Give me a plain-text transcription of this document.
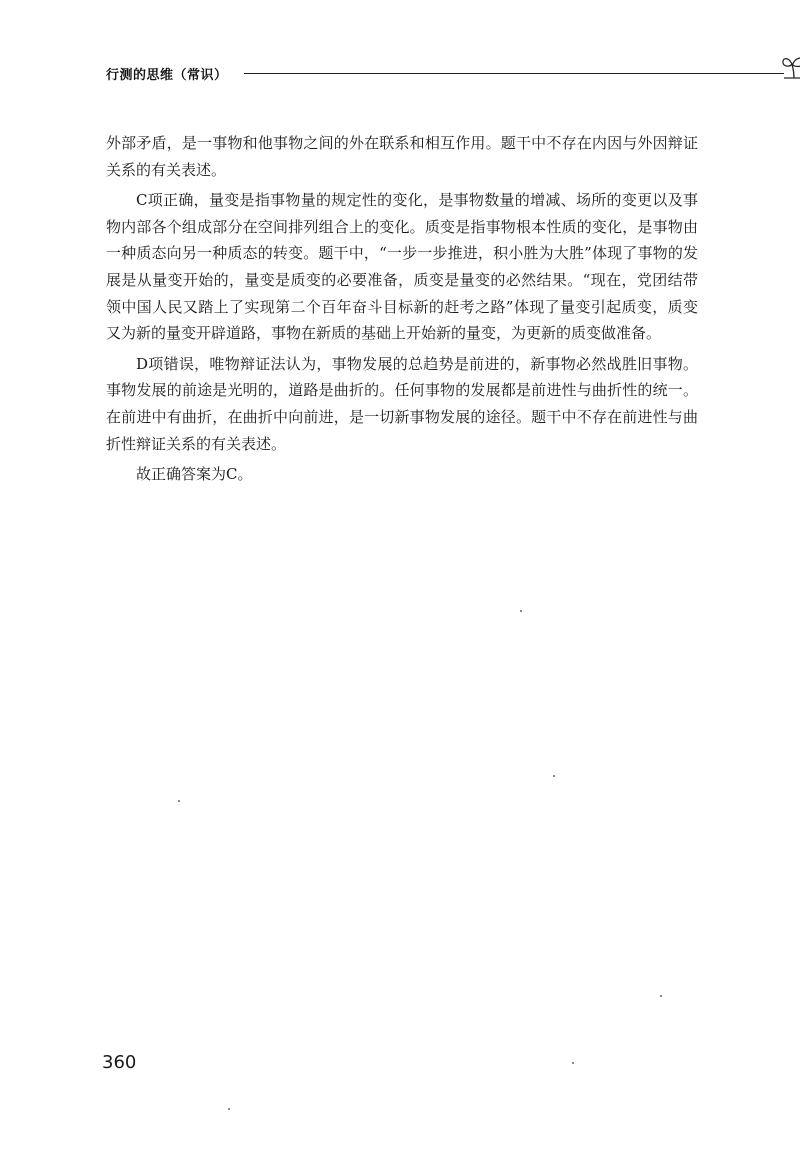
行测的思维（常识）

外部矛盾，是一事物和他事物之间的外在联系和相互作用。题干中不存在内因与外因辩证关系的有关表述。

C项正确，量变是指事物量的规定性的变化，是事物数量的增减、场所的变更以及事物内部各个组成部分在空间排列组合上的变化。质变是指事物根本性质的变化，是事物由一种质态向另一种质态的转变。题干中，“一步一步推进，积小胜为大胜”体现了事物的发展是从量变开始的，量变是质变的必要准备，质变是量变的必然结果。“现在，党团结带领中国人民又踏上了实现第二个百年奋斗目标新的赶考之路”体现了量变引起质变，质变又为新的量变开辟道路，事物在新质的基础上开始新的量变，为更新的质变做准备。

D项错误，唯物辩证法认为，事物发展的总趋势是前进的，新事物必然战胜旧事物。事物发展的前途是光明的，道路是曲折的。任何事物的发展都是前进性与曲折性的统一。在前进中有曲折，在曲折中向前进，是一切新事物发展的途径。题干中不存在前进性与曲折性辩证关系的有关表述。

故正确答案为C。

360
